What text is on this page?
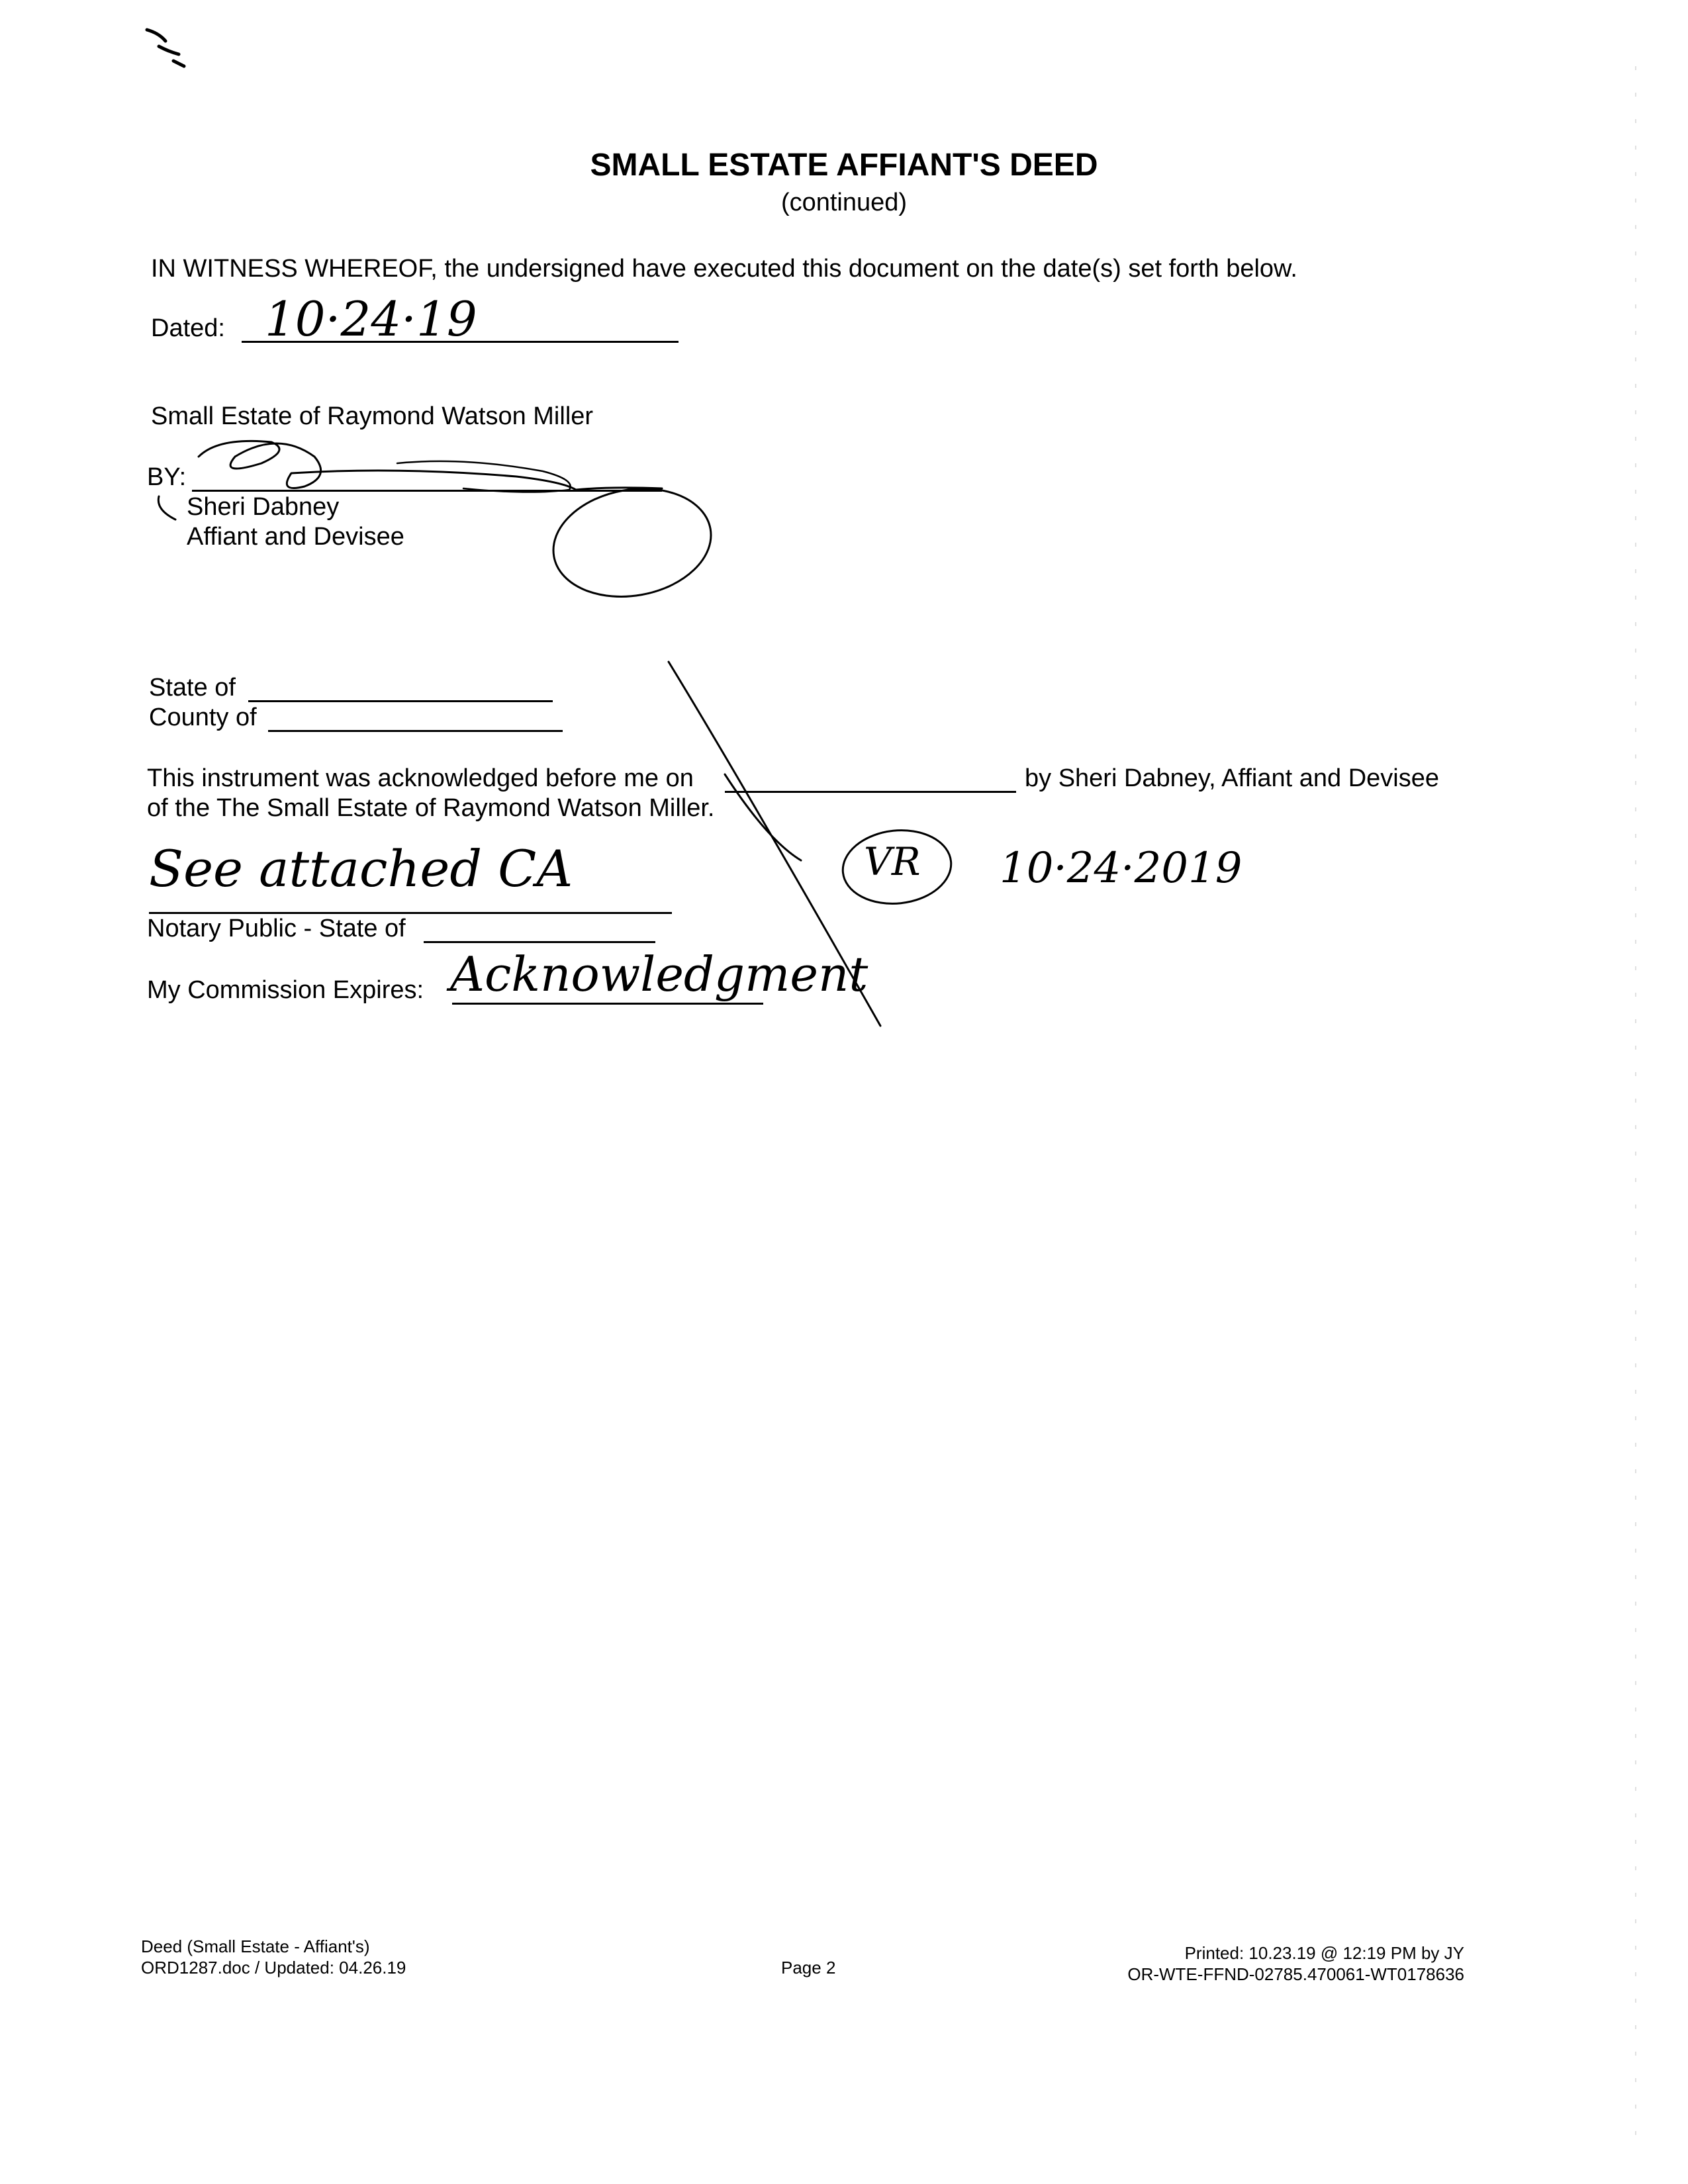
SMALL ESTATE AFFIANT'S DEED
(continued)
IN WITNESS WHEREOF, the undersigned have executed this document on the date(s) set forth below.
Dated: 10·24·19
Small Estate of Raymond Watson Miller
BY:
Sheri Dabney
Affiant and Devisee
State of
County of
This instrument was acknowledged before me on	by Sheri Dabney, Affiant and Devisee
of the The Small Estate of Raymond Watson Miller.
See attached CA
Notary Public - State of
VR 10·24·2019
My Commission Expires: Acknowledgment
Deed (Small Estate - Affiant's)
ORD1287.doc / Updated: 04.26.19	Page 2
Printed: 10.23.19 @ 12:19 PM by JY
OR-WTE-FFND-02785.470061-WT0178636
